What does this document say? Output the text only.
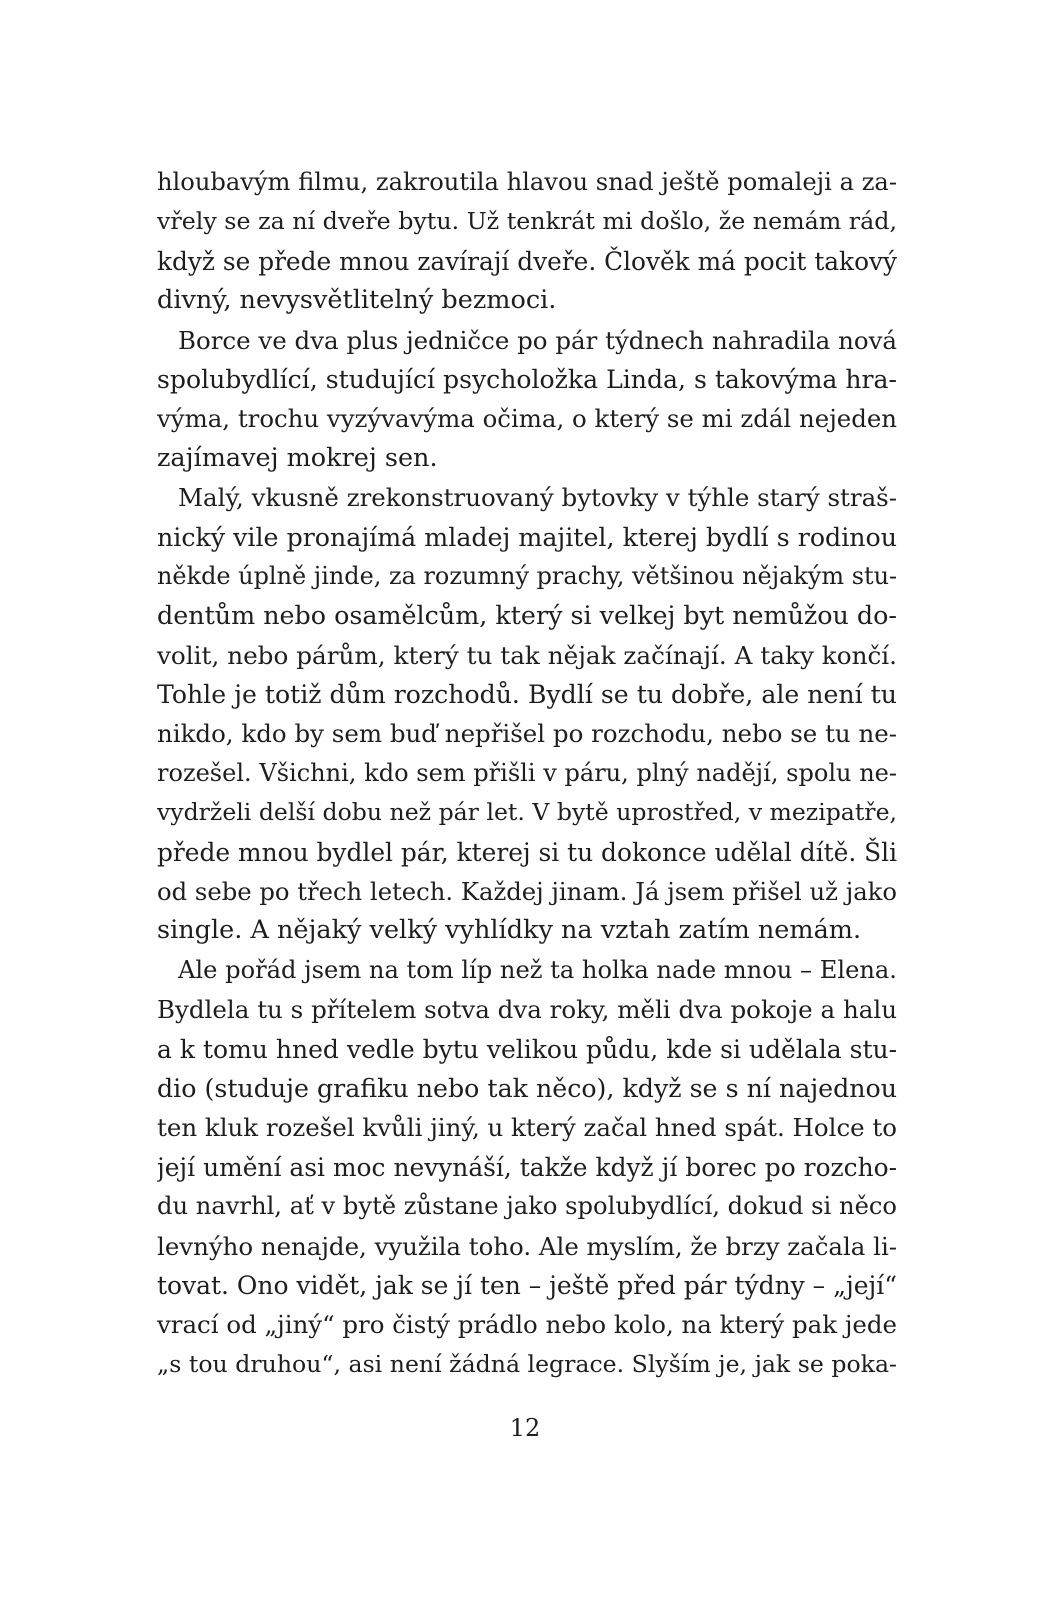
hloubavým filmu, zakroutila hlavou snad ještě pomaleji a za-
vřely se za ní dveře bytu. Už tenkrát mi došlo, že nemám rád,
když se přede mnou zavírají dveře. Člověk má pocit takový
divný, nevysvětlitelný bezmoci.
Borce ve dva plus jedničce po pár týdnech nahradila nová
spolubydlící, studující psycholožka Linda, s takovýma hra-
výma, trochu vyzývavýma očima, o který se mi zdál nejeden
zajímavej mokrej sen.
Malý, vkusně zrekonstruovaný bytovky v týhle starý straš-
nický vile pronajímá mladej majitel, kterej bydlí s rodinou
někde úplně jinde, za rozumný prachy, většinou nějakým stu-
dentům nebo osamělcům, který si velkej byt nemůžou do-
volit, nebo párům, který tu tak nějak začínají. A taky končí.
Tohle je totiž dům rozchodů. Bydlí se tu dobře, ale není tu
nikdo, kdo by sem buď nepřišel po rozchodu, nebo se tu ne-
rozešel. Všichni, kdo sem přišli v páru, plný nadějí, spolu ne-
vydrželi delší dobu než pár let. V bytě uprostřed, v mezipatře,
přede mnou bydlel pár, kterej si tu dokonce udělal dítě. Šli
od sebe po třech letech. Každej jinam. Já jsem přišel už jako
single. A nějaký velký vyhlídky na vztah zatím nemám.
Ale pořád jsem na tom líp než ta holka nade mnou – Elena.
Bydlela tu s přítelem sotva dva roky, měli dva pokoje a halu
a k tomu hned vedle bytu velikou půdu, kde si udělala stu-
dio (studuje grafiku nebo tak něco), když se s ní najednou
ten kluk rozešel kvůli jiný, u který začal hned spát. Holce to
její umění asi moc nevynáší, takže když jí borec po rozcho-
du navrhl, ať v bytě zůstane jako spolubydlící, dokud si něco
levnýho nenajde, využila toho. Ale myslím, že brzy začala li-
tovat. Ono vidět, jak se jí ten – ještě před pár týdny – „její“
vrací od „jiný“ pro čistý prádlo nebo kolo, na který pak jede
„s tou druhou“, asi není žádná legrace. Slyším je, jak se poka-
12
